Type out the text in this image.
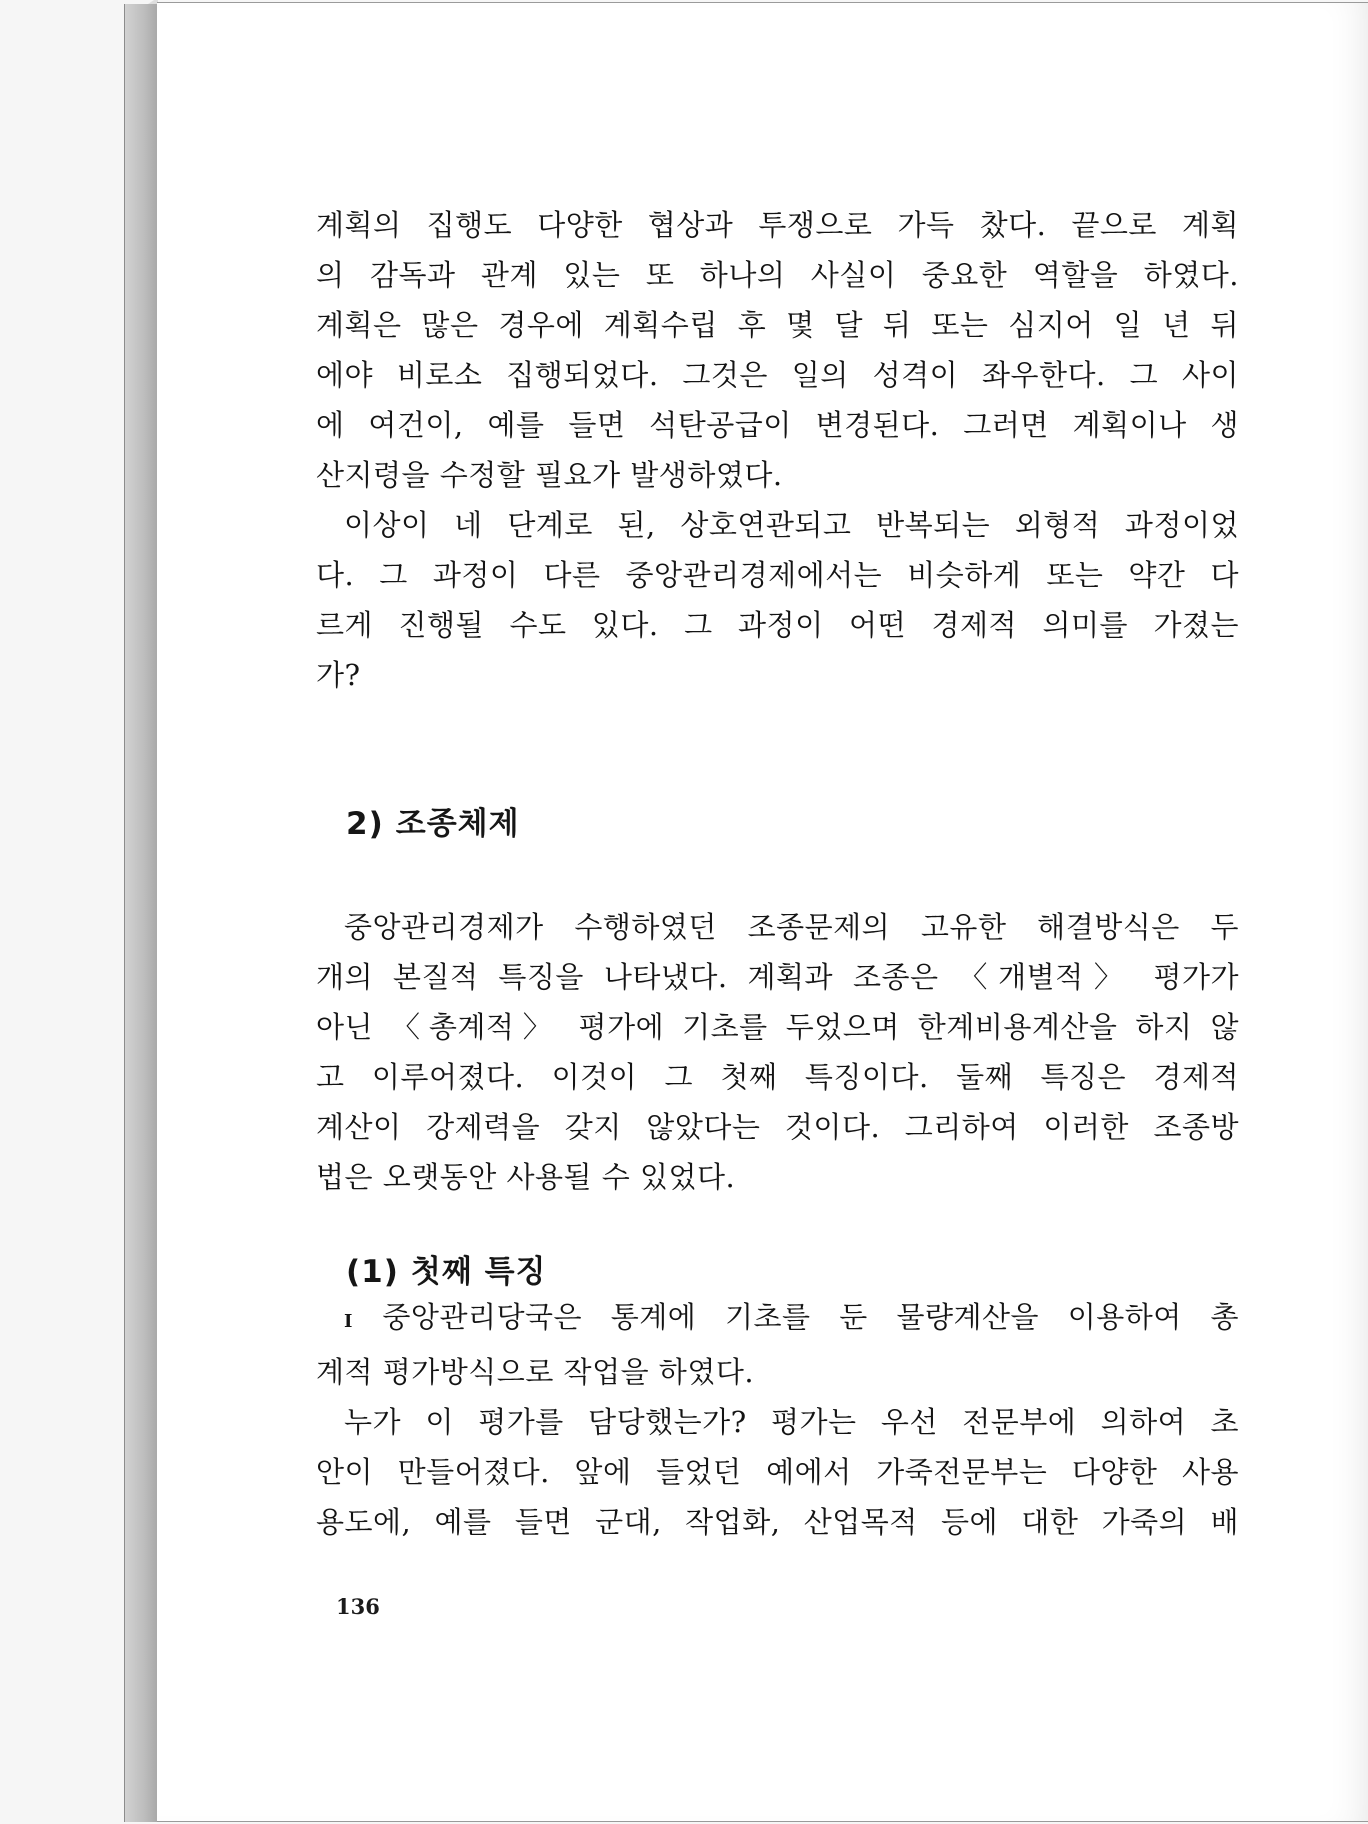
계획의 집행도 다양한 협상과 투쟁으로 가득 찼다. 끝으로 계획

의 감독과 관계 있는 또 하나의 사실이 중요한 역할을 하였다.

계획은 많은 경우에 계획수립 후 몇 달 뒤 또는 심지어 일 년 뒤

에야 비로소 집행되었다. 그것은 일의 성격이 좌우한다. 그 사이

에 여건이, 예를 들면 석탄공급이 변경된다. 그러면 계획이나 생

산지령을 수정할 필요가 발생하였다.

이상이 네 단계로 된, 상호연관되고 반복되는 외형적 과정이었

다. 그 과정이 다른 중앙관리경제에서는 비슷하게 또는 약간 다

르게 진행될 수도 있다. 그 과정이 어떤 경제적 의미를 가졌는

가?

2) 조종체제

중앙관리경제가 수행하였던 조종문제의 고유한 해결방식은 두

개의 본질적 특징을 나타냈다. 계획과 조종은 〈개별적〉 평가가

아닌 〈총계적〉 평가에 기초를 두었으며 한계비용계산을 하지 않

고 이루어졌다. 이것이 그 첫째 특징이다. 둘째 특징은 경제적

계산이 강제력을 갖지 않았다는 것이다. 그리하여 이러한 조종방

법은 오랫동안 사용될 수 있었다.

(1) 첫째 특징

I 중앙관리당국은 통계에 기초를 둔 물량계산을 이용하여 총

계적 평가방식으로 작업을 하였다.

누가 이 평가를 담당했는가? 평가는 우선 전문부에 의하여 초

안이 만들어졌다. 앞에 들었던 예에서 가죽전문부는 다양한 사용

용도에, 예를 들면 군대, 작업화, 산업목적 등에 대한 가죽의 배

136
